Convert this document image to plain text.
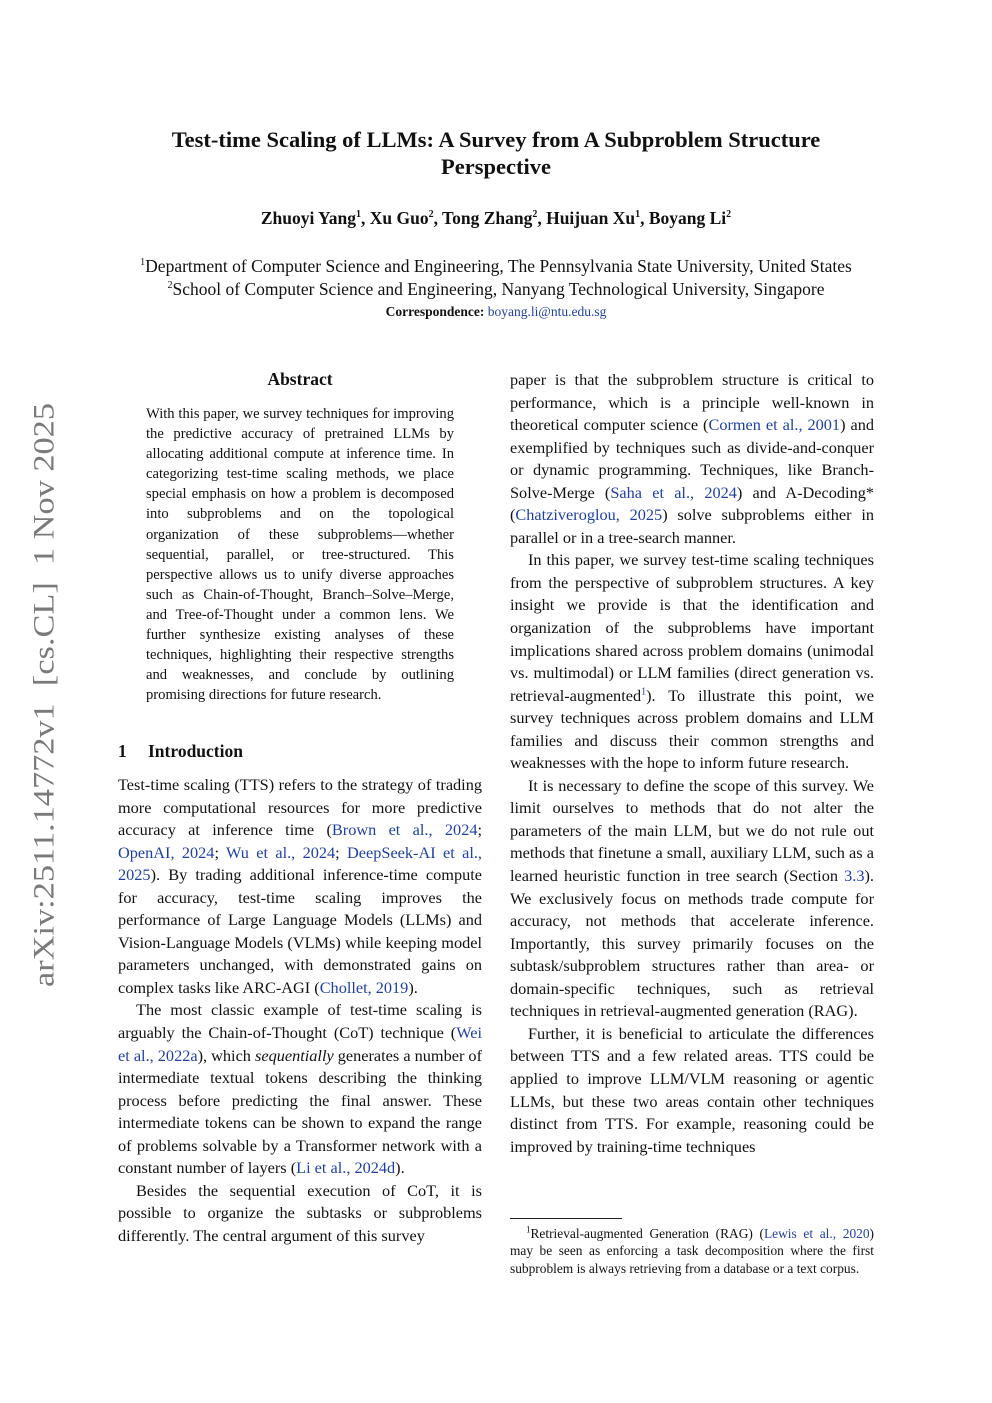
arXiv:2511.14772v1  [cs.CL]  1 Nov 2025
Test-time Scaling of LLMs: A Survey from A Subproblem Structure
Perspective
Zhuoyi Yang$^1$, Xu Guo$^2$, Tong Zhang$^2$, Huijuan Xu$^1$, Boyang Li$^2$
$^1$Department of Computer Science and Engineering, The Pennsylvania State University, United States
$^2$School of Computer Science and Engineering, Nanyang Technological University, Singapore
Correspondence: boyang.li@ntu.edu.sg
Abstract
With this paper, we survey techniques for improving the predictive accuracy of pretrained LLMs by allocating additional compute at inference time. In categorizing test-time scaling methods, we place special emphasis on how a problem is decomposed into subproblems and on the topological organization of these subproblems—whether sequential, parallel, or tree-structured. This perspective allows us to unify diverse approaches such as Chain-of-Thought, Branch–Solve–Merge, and Tree-of-Thought under a common lens. We further synthesize existing analyses of these techniques, highlighting their respective strengths and weaknesses, and conclude by outlining promising directions for future research.
1 Introduction

Test-time scaling (TTS) refers to the strategy of trading more computational resources for more predictive accuracy at inference time (Brown et al., 2024; OpenAI, 2024; Wu et al., 2024; DeepSeek-AI et al., 2025). By trading additional inference-time compute for accuracy, test-time scaling improves the performance of Large Language Models (LLMs) and Vision-Language Models (VLMs) while keeping model parameters unchanged, with demonstrated gains on complex tasks like ARC-AGI (Chollet, 2019).

The most classic example of test-time scaling is arguably the Chain-of-Thought (CoT) technique (Wei et al., 2022a), which sequentially generates a number of intermediate textual tokens describing the thinking process before predicting the final answer. These intermediate tokens can be shown to expand the range of problems solvable by a Transformer network with a constant number of layers (Li et al., 2024d).

Besides the sequential execution of CoT, it is possible to organize the subtasks or subproblems differently. The central argument of this survey

paper is that the subproblem structure is critical to performance, which is a principle well-known in theoretical computer science (Cormen et al., 2001) and exemplified by techniques such as divide-and-conquer or dynamic programming. Techniques, like Branch-Solve-Merge (Saha et al., 2024) and A-Decoding* (Chatziveroglou, 2025) solve subproblems either in parallel or in a tree-search manner.

In this paper, we survey test-time scaling techniques from the perspective of subproblem structures. A key insight we provide is that the identification and organization of the subproblems have important implications shared across problem domains (unimodal vs. multimodal) or LLM families (direct generation vs. retrieval-augmented$^1$). To illustrate this point, we survey techniques across problem domains and LLM families and discuss their common strengths and weaknesses with the hope to inform future research.

It is necessary to define the scope of this survey. We limit ourselves to methods that do not alter the parameters of the main LLM, but we do not rule out methods that finetune a small, auxiliary LLM, such as a learned heuristic function in tree search (Section 3.3). We exclusively focus on methods trade compute for accuracy, not methods that accelerate inference. Importantly, this survey primarily focuses on the subtask/subproblem structures rather than area- or domain-specific techniques, such as retrieval techniques in retrieval-augmented generation (RAG).

Further, it is beneficial to articulate the differences between TTS and a few related areas. TTS could be applied to improve LLM/VLM reasoning or agentic LLMs, but these two areas contain other techniques distinct from TTS. For example, reasoning could be improved by training-time techniques

$^1$Retrieval-augmented Generation (RAG) (Lewis et al., 2020) may be seen as enforcing a task decomposition where the first subproblem is always retrieving from a database or a text corpus.
